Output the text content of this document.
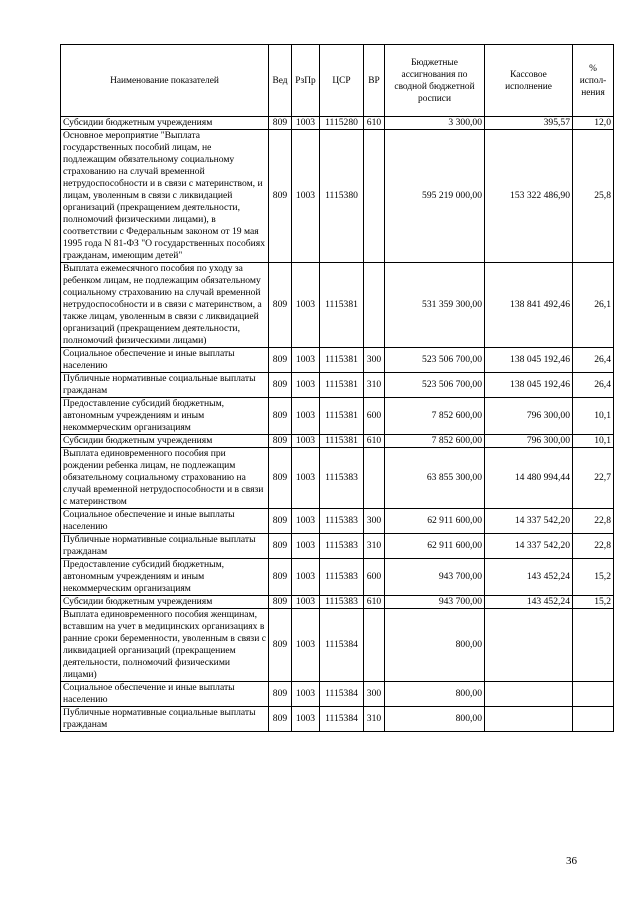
Наименование показателей	Вед	РзПр	ЦСР	ВР	Бюджетные ассигнования по сводной бюджетной росписи	Кассовое исполнение	% испол-нения
Субсидии бюджетным учреждениям	809	1003	1115280	610	3 300,00	395,57	12,0
Основное мероприятие "Выплата государственных пособий лицам, не подлежащим обязательному социальному страхованию на случай временной нетрудоспособности и в связи с материнством, и лицам, уволенным в связи с ликвидацией организаций (прекращением деятельности, полномочий физическими лицами), в соответствии с Федеральным законом от 19 мая 1995 года N 81-ФЗ "О государственных пособиях гражданам, имеющим детей"	809	1003	1115380		595 219 000,00	153 322 486,90	25,8
Выплата ежемесячного пособия по уходу за ребенком лицам, не подлежащим обязательному социальному страхованию на случай временной нетрудоспособности и в связи с материнством, а также лицам, уволенным в связи с ликвидацией организаций (прекращением деятельности, полномочий физическими лицами)	809	1003	1115381		531 359 300,00	138 841 492,46	26,1
Социальное обеспечение и иные выплаты населению	809	1003	1115381	300	523 506 700,00	138 045 192,46	26,4
Публичные нормативные социальные выплаты гражданам	809	1003	1115381	310	523 506 700,00	138 045 192,46	26,4
Предоставление субсидий бюджетным, автономным учреждениям и иным некоммерческим организациям	809	1003	1115381	600	7 852 600,00	796 300,00	10,1
Субсидии бюджетным учреждениям	809	1003	1115381	610	7 852 600,00	796 300,00	10,1
Выплата единовременного пособия при рождении ребенка лицам, не подлежащим обязательному социальному страхованию на случай временной нетрудоспособности и в связи с материнством	809	1003	1115383		63 855 300,00	14 480 994,44	22,7
Социальное обеспечение и иные выплаты населению	809	1003	1115383	300	62 911 600,00	14 337 542,20	22,8
Публичные нормативные социальные выплаты гражданам	809	1003	1115383	310	62 911 600,00	14 337 542,20	22,8
Предоставление субсидий бюджетным, автономным учреждениям и иным некоммерческим организациям	809	1003	1115383	600	943 700,00	143 452,24	15,2
Субсидии бюджетным учреждениям	809	1003	1115383	610	943 700,00	143 452,24	15,2
Выплата единовременного пособия женщинам, вставшим на учет в медицинских организациях в ранние сроки беременности, уволенным в связи с ликвидацией организаций (прекращением деятельности, полномочий физическими лицами)	809	1003	1115384		800,00		
Социальное обеспечение и иные выплаты населению	809	1003	1115384	300	800,00		
Публичные нормативные социальные выплаты гражданам	809	1003	1115384	310	800,00		
36
